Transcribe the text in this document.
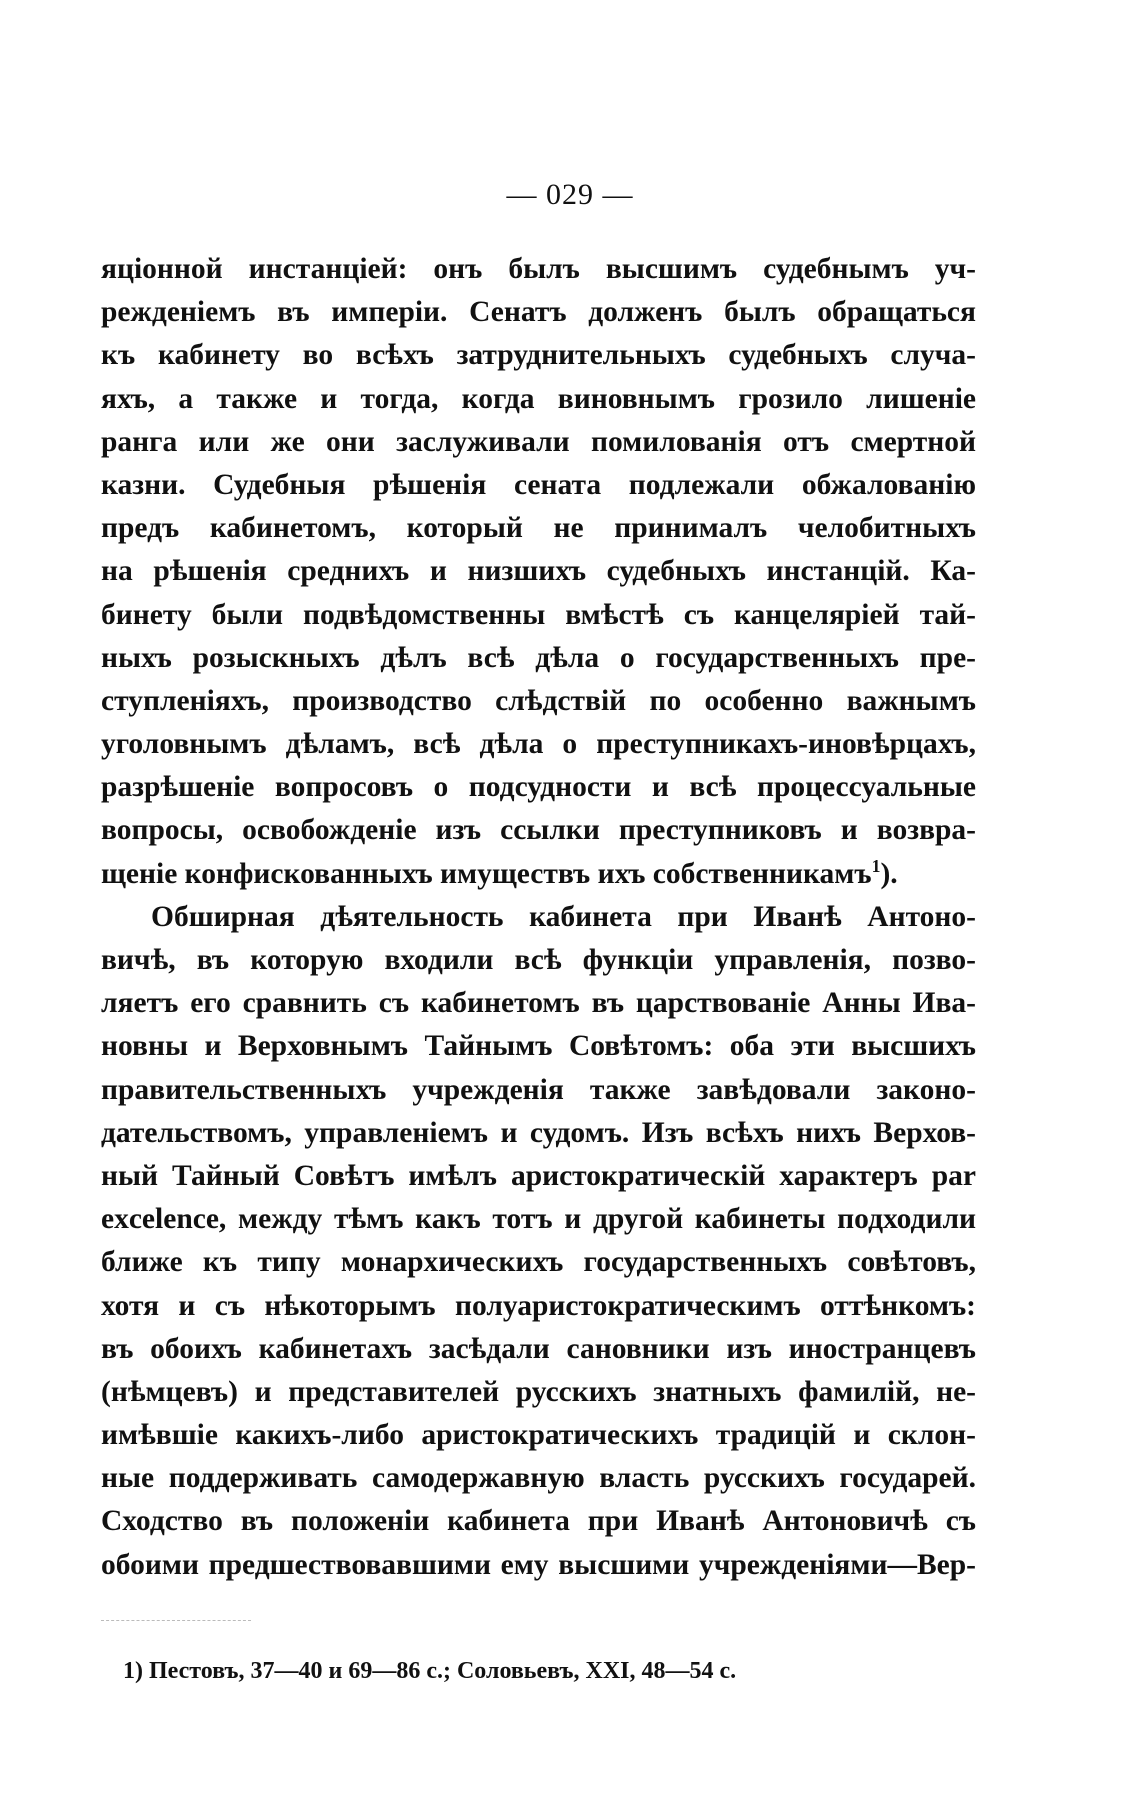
— 029 —
яціонной инстанціей: онъ былъ высшимъ судебнымъ уч-
режденіемъ въ имперіи. Сенатъ долженъ былъ обращаться
къ кабинету во всѣхъ затруднительныхъ судебныхъ случа-
яхъ, а также и тогда, когда виновнымъ грозило лишеніе
ранга или же они заслуживали помилованія отъ смертной
казни. Судебныя рѣшенія сената подлежали обжалованію
предъ кабинетомъ, который не принималъ челобитныхъ
на рѣшенія среднихъ и низшихъ судебныхъ инстанцій. Ка-
бинету были подвѣдомственны вмѣстѣ съ канцеляріей тай-
ныхъ розыскныхъ дѣлъ всѣ дѣла о государственныхъ пре-
ступленіяхъ, производство слѣдствій по особенно важнымъ
уголовнымъ дѣламъ, всѣ дѣла о преступникахъ-иновѣрцахъ,
разрѣшеніе вопросовъ о подсудности и всѣ процессуальные
вопросы, освобожденіе изъ ссылки преступниковъ и возвра-
щеніе конфискованныхъ имуществъ ихъ собственникамъ$^1$).
Обширная дѣятельность кабинета при Иванѣ Антоно-
вичѣ, въ которую входили всѣ функціи управленія, позво-
ляетъ его сравнить съ кабинетомъ въ царствованіе Анны Ива-
новны и Верховнымъ Тайнымъ Совѣтомъ: оба эти высшихъ
правительственныхъ учрежденія также завѣдовали законо-
дательствомъ, управленіемъ и судомъ. Изъ всѣхъ нихъ Верхов-
ный Тайный Совѣтъ имѣлъ аристократическій характеръ par
excelence, между тѣмъ какъ тотъ и другой кабинеты подходили
ближе къ типу монархическихъ государственныхъ совѣтовъ,
хотя и съ нѣкоторымъ полуаристократическимъ оттѣнкомъ:
въ обоихъ кабинетахъ засѣдали сановники изъ иностранцевъ
(нѣмцевъ) и представителей русскихъ знатныхъ фамилій, не-
имѣвшіе какихъ-либо аристократическихъ традицій и склон-
ные поддерживать самодержавную власть русскихъ государей.
Сходство въ положеніи кабинета при Иванѣ Антоновичѣ съ
обоими предшествовавшими ему высшими учрежденіями—Вер-
1) Пестовъ, 37—40 и 69—86 с.; Соловьевъ, XXI, 48—54 с.
